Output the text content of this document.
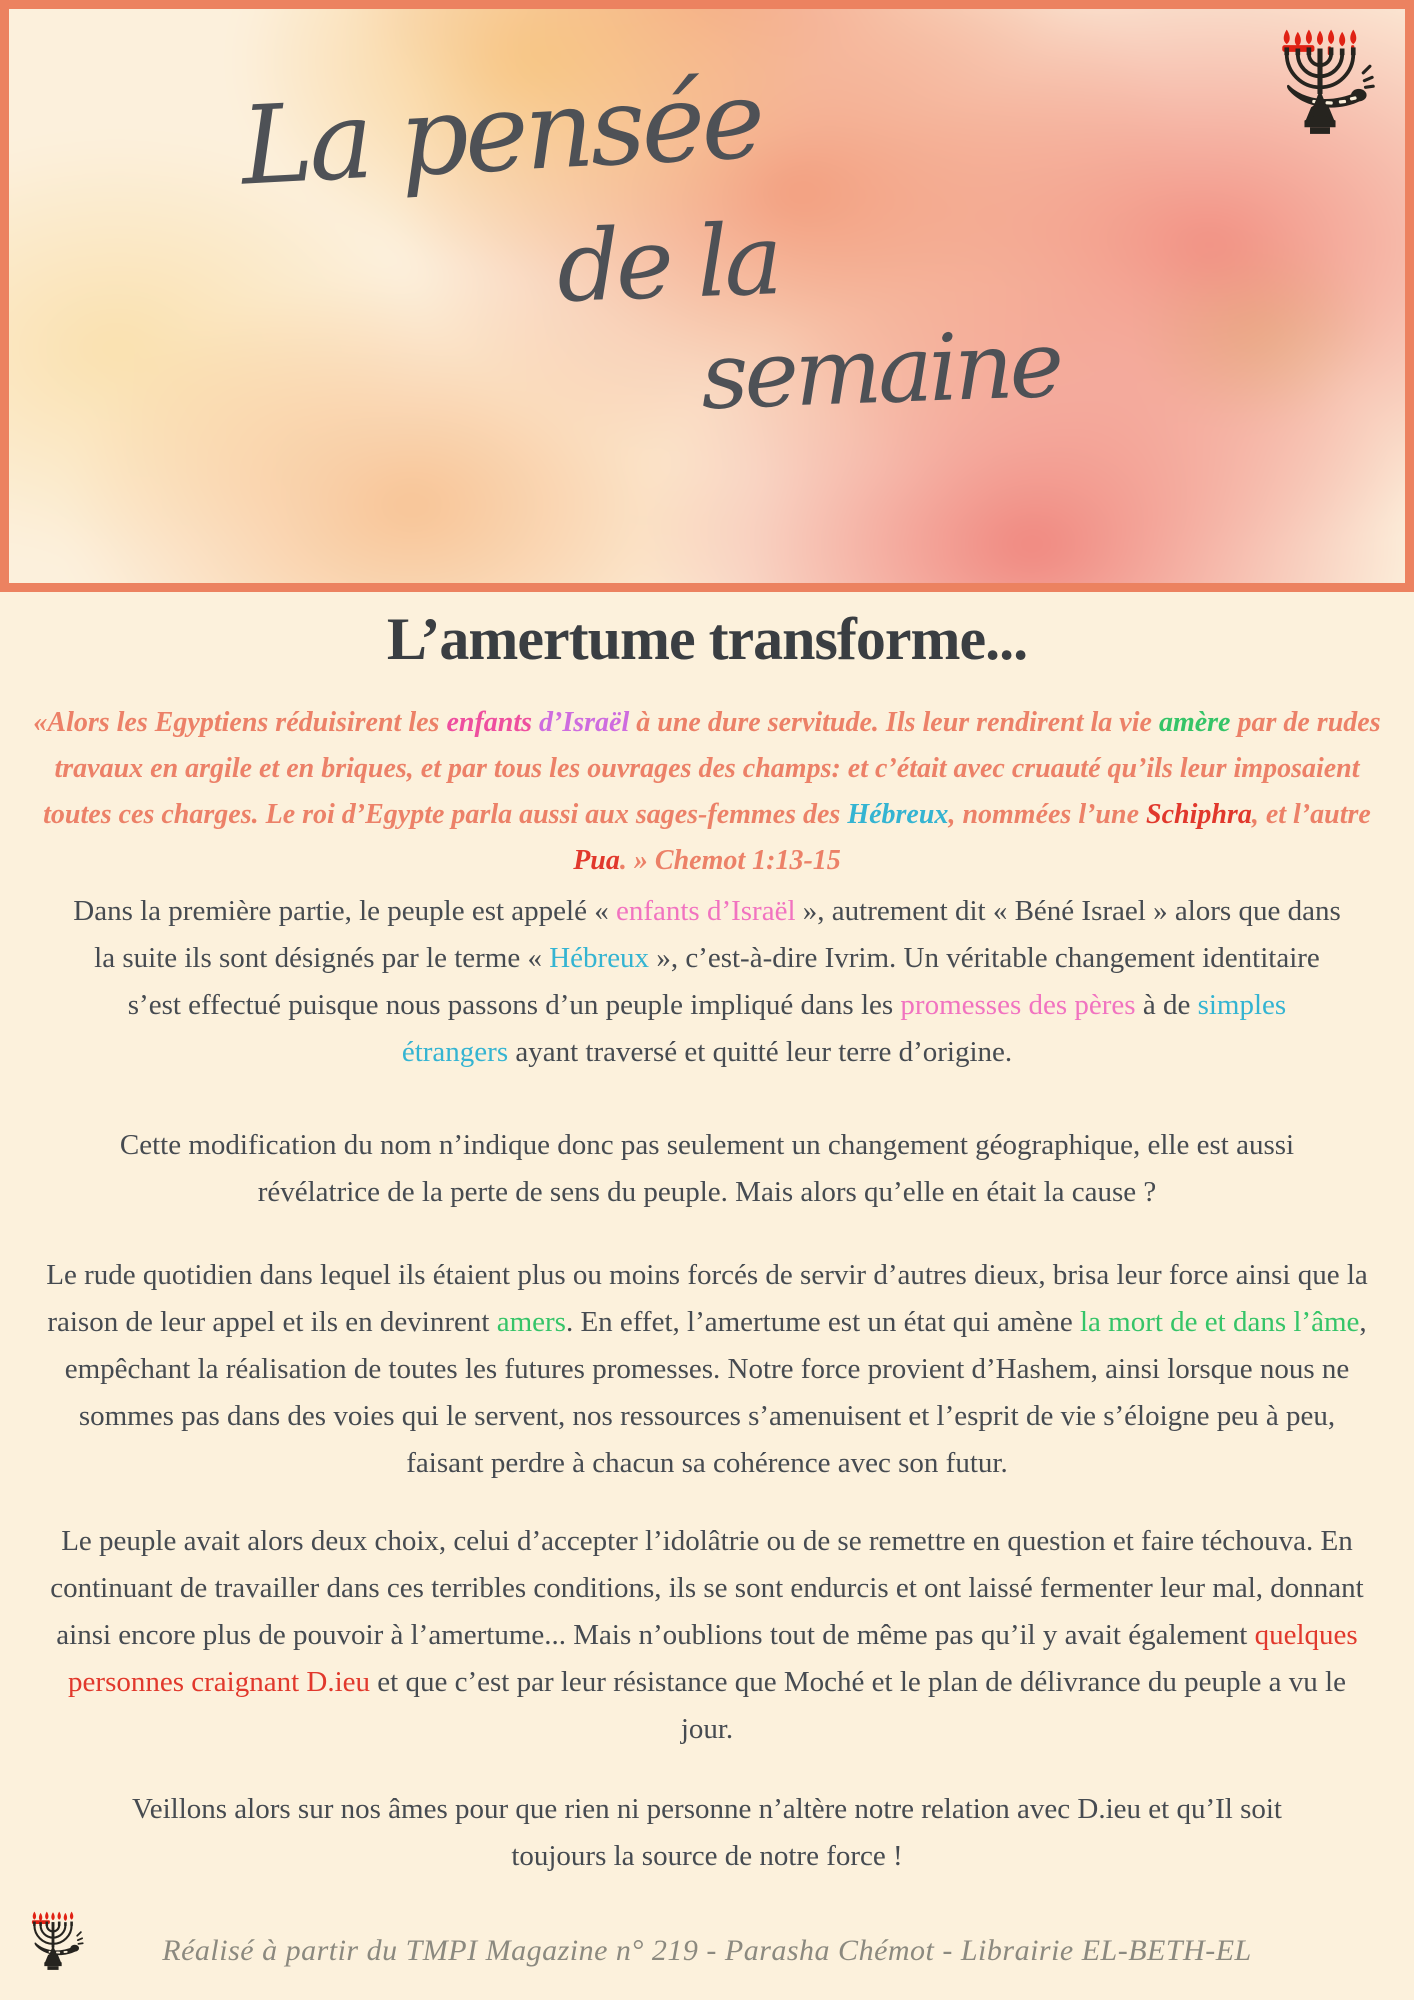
La pensée
de la
semaine
L’amertume transforme...
«Alors les Egyptiens réduisirent les enfants d’Israël à une dure servitude. Ils leur rendirent la vie amère par de rudes travaux en argile et en briques, et par tous les ouvrages des champs: et c’était avec cruauté qu’ils leur imposaient toutes ces charges. Le roi d’Egypte parla aussi aux sages-femmes des Hébreux, nommées l’une Schiphra, et l’autre Pua. » Chemot 1:13-15

Dans la première partie, le peuple est appelé « enfants d’Israël », autrement dit « Béné Israel » alors que dans la suite ils sont désignés par le terme « Hébreux », c’est-à-dire Ivrim. Un véritable changement identitaire s’est effectué puisque nous passons d’un peuple impliqué dans les promesses des pères à de simples étrangers ayant traversé et quitté leur terre d’origine.

Cette modification du nom n’indique donc pas seulement un changement géographique, elle est aussi révélatrice de la perte de sens du peuple. Mais alors qu’elle en était la cause ?

Le rude quotidien dans lequel ils étaient plus ou moins forcés de servir d’autres dieux, brisa leur force ainsi que la raison de leur appel et ils en devinrent amers. En effet, l’amertume est un état qui amène la mort de et dans l’âme, empêchant la réalisation de toutes les futures promesses. Notre force provient d’Hashem, ainsi lorsque nous ne sommes pas dans des voies qui le servent, nos ressources s’amenuisent et l’esprit de vie s’éloigne peu à peu, faisant perdre à chacun sa cohérence avec son futur.

Le peuple avait alors deux choix, celui d’accepter l’idolâtrie ou de se remettre en question et faire téchouva. En continuant de travailler dans ces terribles conditions, ils se sont endurcis et ont laissé fermenter leur mal, donnant ainsi encore plus de pouvoir à l’amertume... Mais n’oublions tout de même pas qu’il y avait également quelques personnes craignant D.ieu et que c’est par leur résistance que Moché et le plan de délivrance du peuple a vu le jour.

Veillons alors sur nos âmes pour que rien ni personne n’altère notre relation avec D.ieu et qu’Il soit toujours la source de notre force !

Réalisé à partir du TMPI Magazine n° 219 - Parasha Chémot - Librairie EL-BETH-EL
